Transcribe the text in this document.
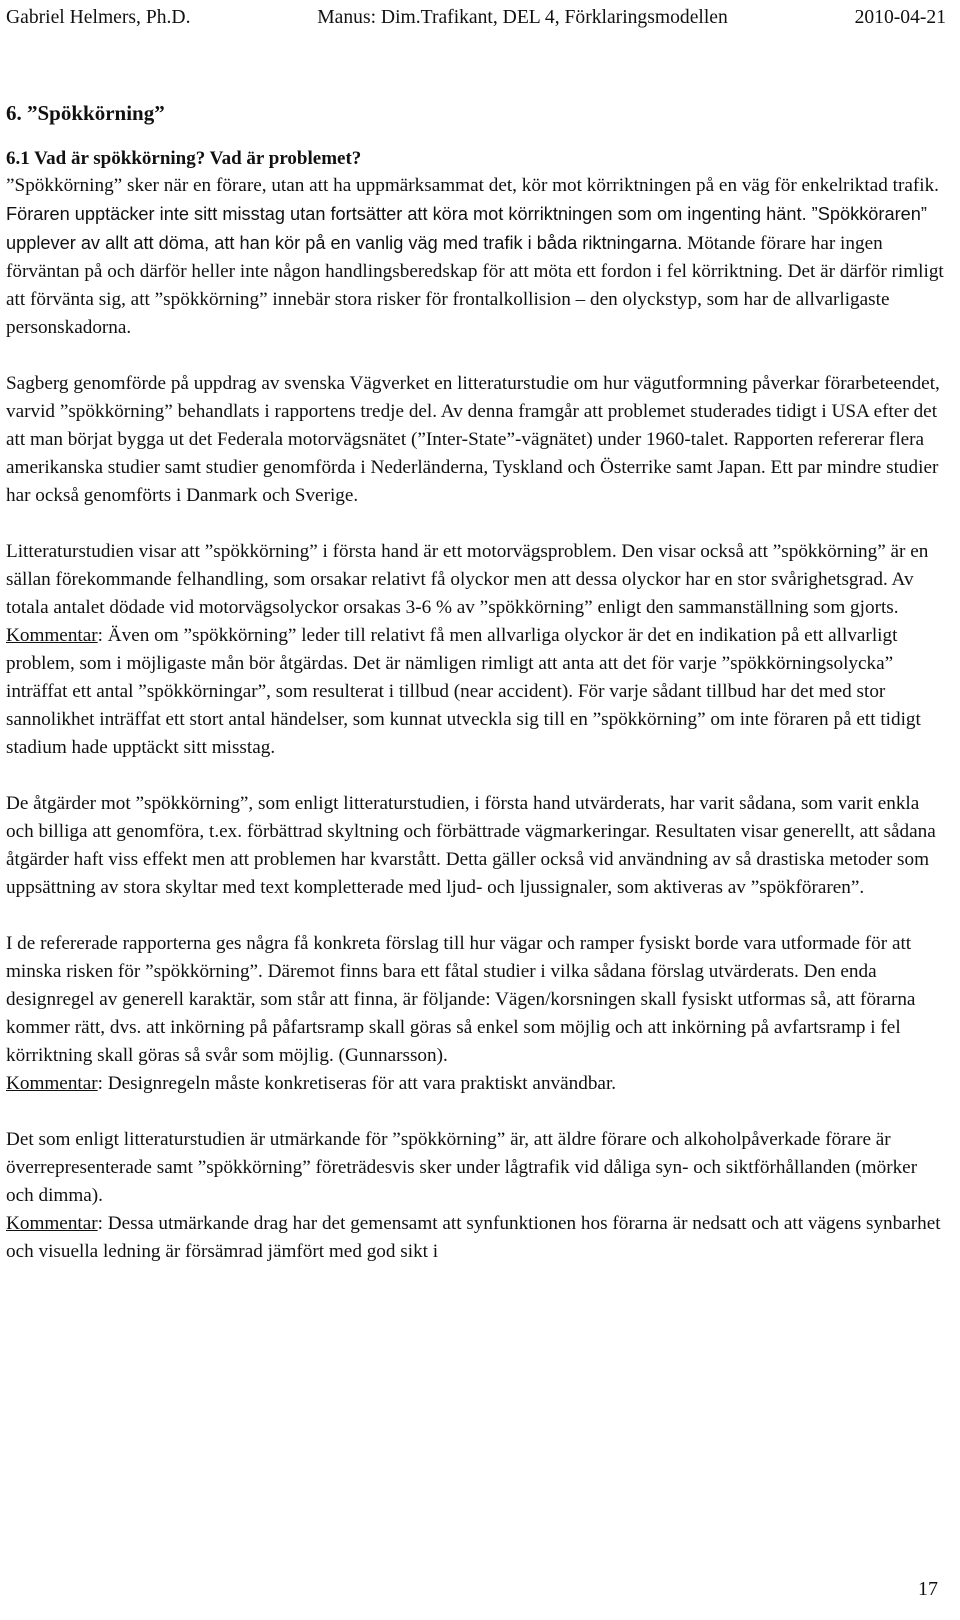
Gabriel Helmers, Ph.D.	Manus: Dim.Trafikant, DEL 4, Förklaringsmodellen	2010-04-21
6. ”Spökkörning”
6.1 Vad är spökkörning? Vad är problemet?

”Spökkörning” sker när en förare, utan att ha uppmärksammat det, kör mot körriktningen på en väg för enkelriktad trafik. Föraren upptäcker inte sitt misstag utan fortsätter att köra mot körriktningen som om ingenting hänt. ”Spökköraren” upplever av allt att döma, att han kör på en vanlig väg med trafik i båda riktningarna. Mötande förare har ingen förväntan på och därför heller inte någon handlingsberedskap för att möta ett fordon i fel körriktning. Det är därför rimligt att förvänta sig, att ”spökkörning” innebär stora risker för frontalkollision – den olyckstyp, som har de allvarligaste personskadorna.

Sagberg genomförde på uppdrag av svenska Vägverket en litteraturstudie om hur vägutformning påverkar förarbeteendet, varvid ”spökkörning” behandlats i rapportens tredje del. Av denna framgår att problemet studerades tidigt i USA efter det att man börjat bygga ut det Federala motorvägsnätet (”Inter-State”-vägnätet) under 1960-talet. Rapporten refererar flera amerikanska studier samt studier genomförda i Nederländerna, Tyskland och Österrike samt Japan. Ett par mindre studier har också genomförts i Danmark och Sverige.

Litteraturstudien visar att ”spökkörning” i första hand är ett motorvägsproblem. Den visar också att ”spökkörning” är en sällan förekommande felhandling, som orsakar relativt få olyckor men att dessa olyckor har en stor svårighetsgrad. Av totala antalet dödade vid motorvägsolyckor orsakas 3-6 % av ”spökkörning” enligt den sammanställning som gjorts. Kommentar: Även om ”spökkörning” leder till relativt få men allvarliga olyckor är det en indikation på ett allvarligt problem, som i möjligaste mån bör åtgärdas. Det är nämligen rimligt att anta att det för varje ”spökkörningsolycka” inträffat ett antal ”spökkörningar”, som resulterat i tillbud (near accident). För varje sådant tillbud har det med stor sannolikhet inträffat ett stort antal händelser, som kunnat utveckla sig till en ”spökkörning” om inte föraren på ett tidigt stadium hade upptäckt sitt misstag.

De åtgärder mot ”spökkörning”, som enligt litteraturstudien, i första hand utvärderats, har varit sådana, som varit enkla och billiga att genomföra, t.ex. förbättrad skyltning och förbättrade vägmarkeringar. Resultaten visar generellt, att sådana åtgärder haft viss effekt men att problemen har kvarstått. Detta gäller också vid användning av så drastiska metoder som uppsättning av stora skyltar med text kompletterade med ljud- och ljussignaler, som aktiveras av ”spökföraren”.

I de refererade rapporterna ges några få konkreta förslag till hur vägar och ramper fysiskt borde vara utformade för att minska risken för ”spökkörning”. Däremot finns bara ett fåtal studier i vilka sådana förslag utvärderats. Den enda designregel av generell karaktär, som står att finna, är följande: Vägen/korsningen skall fysiskt utformas så, att förarna kommer rätt, dvs. att inkörning på påfartsramp skall göras så enkel som möjlig och att inkörning på avfartsramp i fel körriktning skall göras så svår som möjlig. (Gunnarsson).
Kommentar: Designregeln måste konkretiseras för att vara praktiskt användbar.

Det som enligt litteraturstudien är utmärkande för ”spökkörning” är, att äldre förare och alkoholpåverkade förare är överrepresenterade samt ”spökkörning” företrädesvis sker under lågtrafik vid dåliga syn- och siktförhållanden (mörker och dimma).
Kommentar: Dessa utmärkande drag har det gemensamt att synfunktionen hos förarna är nedsatt och att vägens synbarhet och visuella ledning är försämrad jämfört med god sikt i

17
